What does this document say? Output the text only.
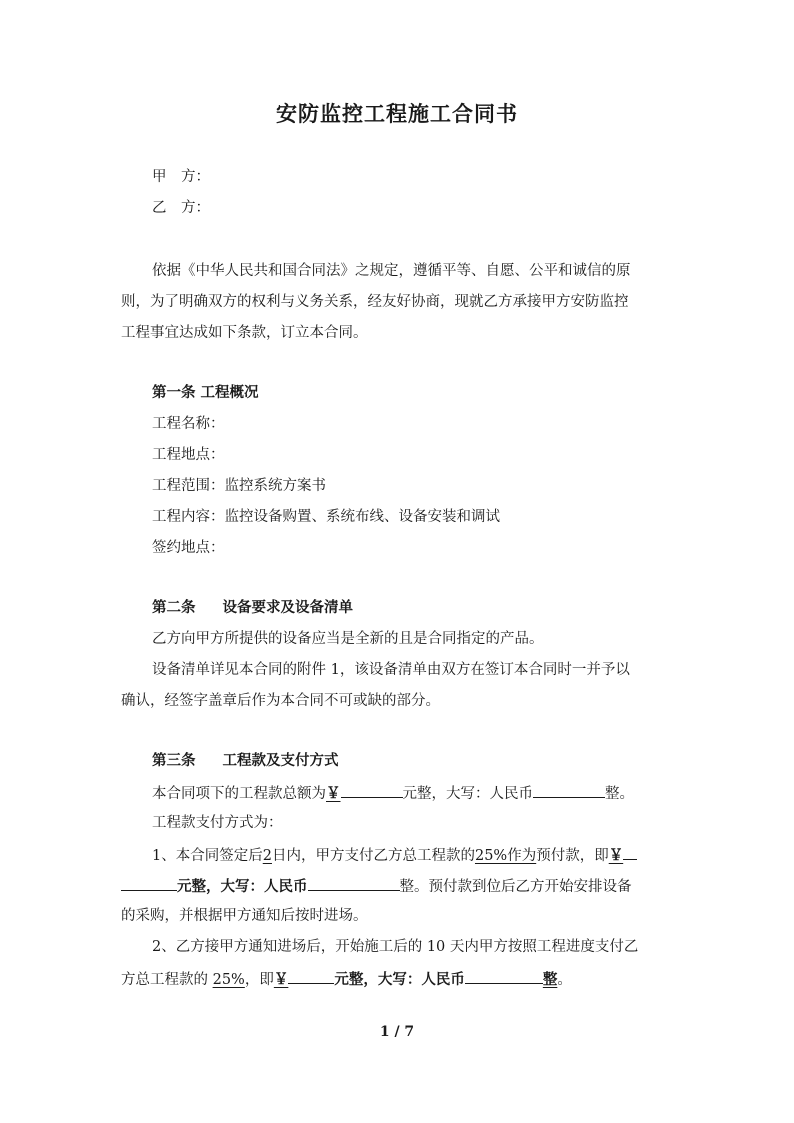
安防监控工程施工合同书
甲　方：
乙　方：
依据《中华人民共和国合同法》之规定，遵循平等、自愿、公平和诚信的原
则，为了明确双方的权利与义务关系，经友好协商，现就乙方承接甲方安防监控
工程事宜达成如下条款，订立本合同。
第一条 工程概况
工程名称：
工程地点：
工程范围：监控系统方案书
工程内容：监控设备购置、系统布线、设备安装和调试
签约地点：
第二条 设备要求及设备清单
乙方向甲方所提供的设备应当是全新的且是合同指定的产品。
设备清单详见本合同的附件 1，该设备清单由双方在签订本合同时一并予以
确认，经签字盖章后作为本合同不可或缺的部分。
第三条 工程款及支付方式
本合同项下的工程款总额为￥	元整，大写：人民币	整。
工程款支付方式为：
1、本合同签定后2日内，甲方支付乙方总工程款的25%作为预付款，即￥
元整，大写：人民币	整。预付款到位后乙方开始安排设备
的采购，并根据甲方通知后按时进场。
2、乙方接甲方通知进场后，开始施工后的 10 天内甲方按照工程进度支付乙
方总工程款的 25%，即￥	元整，大写：人民币	整。
1 / 7
